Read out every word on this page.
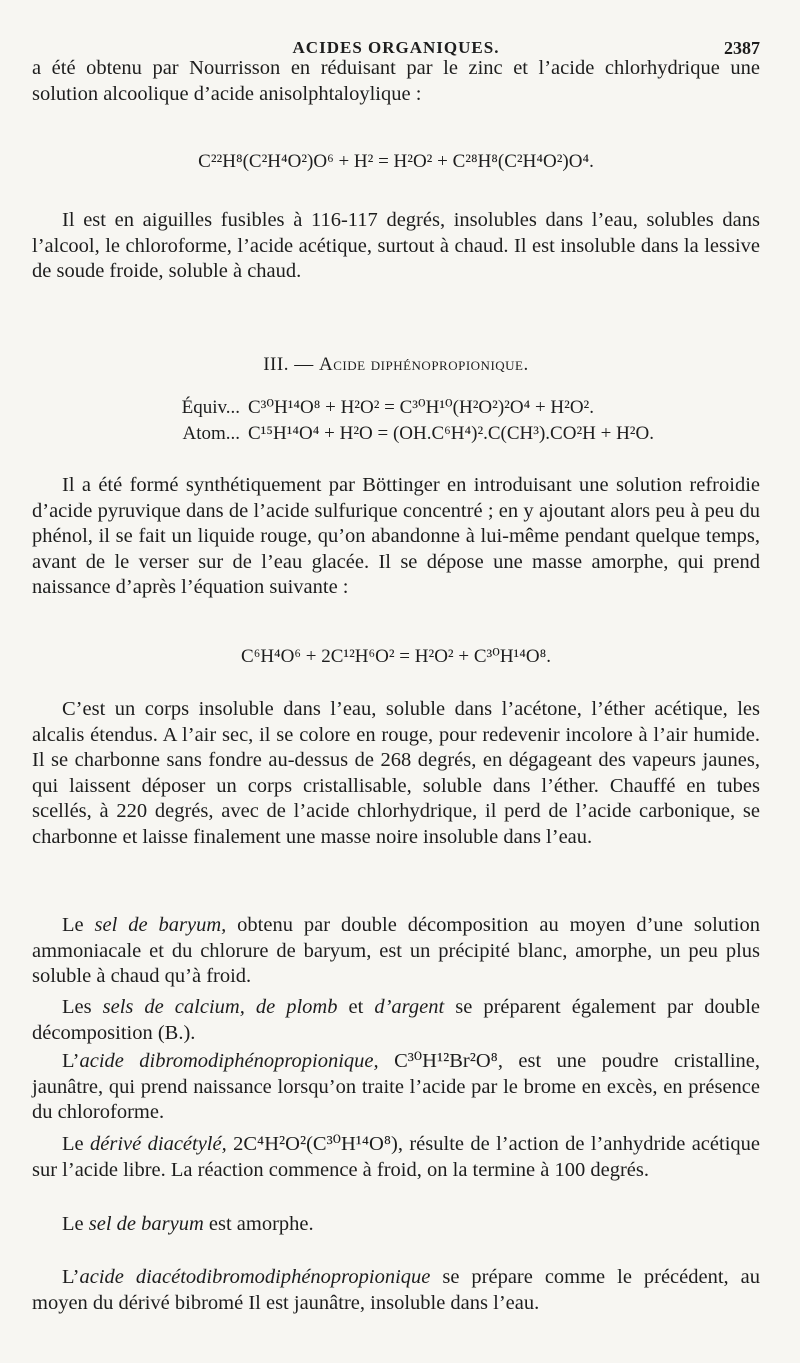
ACIDES ORGANIQUES.	2387

a été obtenu par Nourrisson en réduisant par le zinc et l’acide chlorhydrique une solution alcoolique d’acide anisolphtaloylique :

C²²H⁸(C²H⁴O²)O⁶ + H² = H²O² + C²⁸H⁸(C²H⁴O²)O⁴.

Il est en aiguilles fusibles à 116-117 degrés, insolubles dans l’eau, solubles dans l’alcool, le chloroforme, l’acide acétique, surtout à chaud. Il est insoluble dans la lessive de soude froide, soluble à chaud.

III. — Acide diphénopropionique.
Équiv... C³⁰H¹⁴O⁸ + H²O² = C³⁰H¹⁰(H²O²)²O⁴ + H²O².
Atom... C¹⁵H¹⁴O⁴ + H²O = (OH.C⁶H⁴)².C(CH³).CO²H + H²O.

Il a été formé synthétiquement par Böttinger en introduisant une solution refroidie d’acide pyruvique dans de l’acide sulfurique concentré ; en y ajoutant alors peu à peu du phénol, il se fait un liquide rouge, qu’on abandonne à lui-même pendant quelque temps, avant de le verser sur de l’eau glacée. Il se dépose une masse amorphe, qui prend naissance d’après l’équation suivante :

C⁶H⁴O⁶ + 2C¹²H⁶O² = H²O² + C³⁰H¹⁴O⁸.

C’est un corps insoluble dans l’eau, soluble dans l’acétone, l’éther acétique, les alcalis étendus. A l’air sec, il se colore en rouge, pour redevenir incolore à l’air humide. Il se charbonne sans fondre au-dessus de 268 degrés, en dégageant des vapeurs jaunes, qui laissent déposer un corps cristallisable, soluble dans l’éther. Chauffé en tubes scellés, à 220 degrés, avec de l’acide chlorhydrique, il perd de l’acide carbonique, se charbonne et laisse finalement une masse noire insoluble dans l’eau.

Le sel de baryum, obtenu par double décomposition au moyen d’une solution ammoniacale et du chlorure de baryum, est un précipité blanc, amorphe, un peu plus soluble à chaud qu’à froid.

Les sels de calcium, de plomb et d’argent se préparent également par double décomposition (B.).

L’acide dibromodiphénopropionique, C³⁰H¹²Br²O⁸, est une poudre cristalline, jaunâtre, qui prend naissance lorsqu’on traite l’acide par le brome en excès, en présence du chloroforme.

Le dérivé diacétylé, 2C⁴H²O²(C³⁰H¹⁴O⁸), résulte de l’action de l’anhydride acétique sur l’acide libre. La réaction commence à froid, on la termine à 100 degrés.

Le sel de baryum est amorphe.

L’acide diacétodibromodiphénopropionique se prépare comme le précédent, au moyen du dérivé bibromé Il est jaunâtre, insoluble dans l’eau.
